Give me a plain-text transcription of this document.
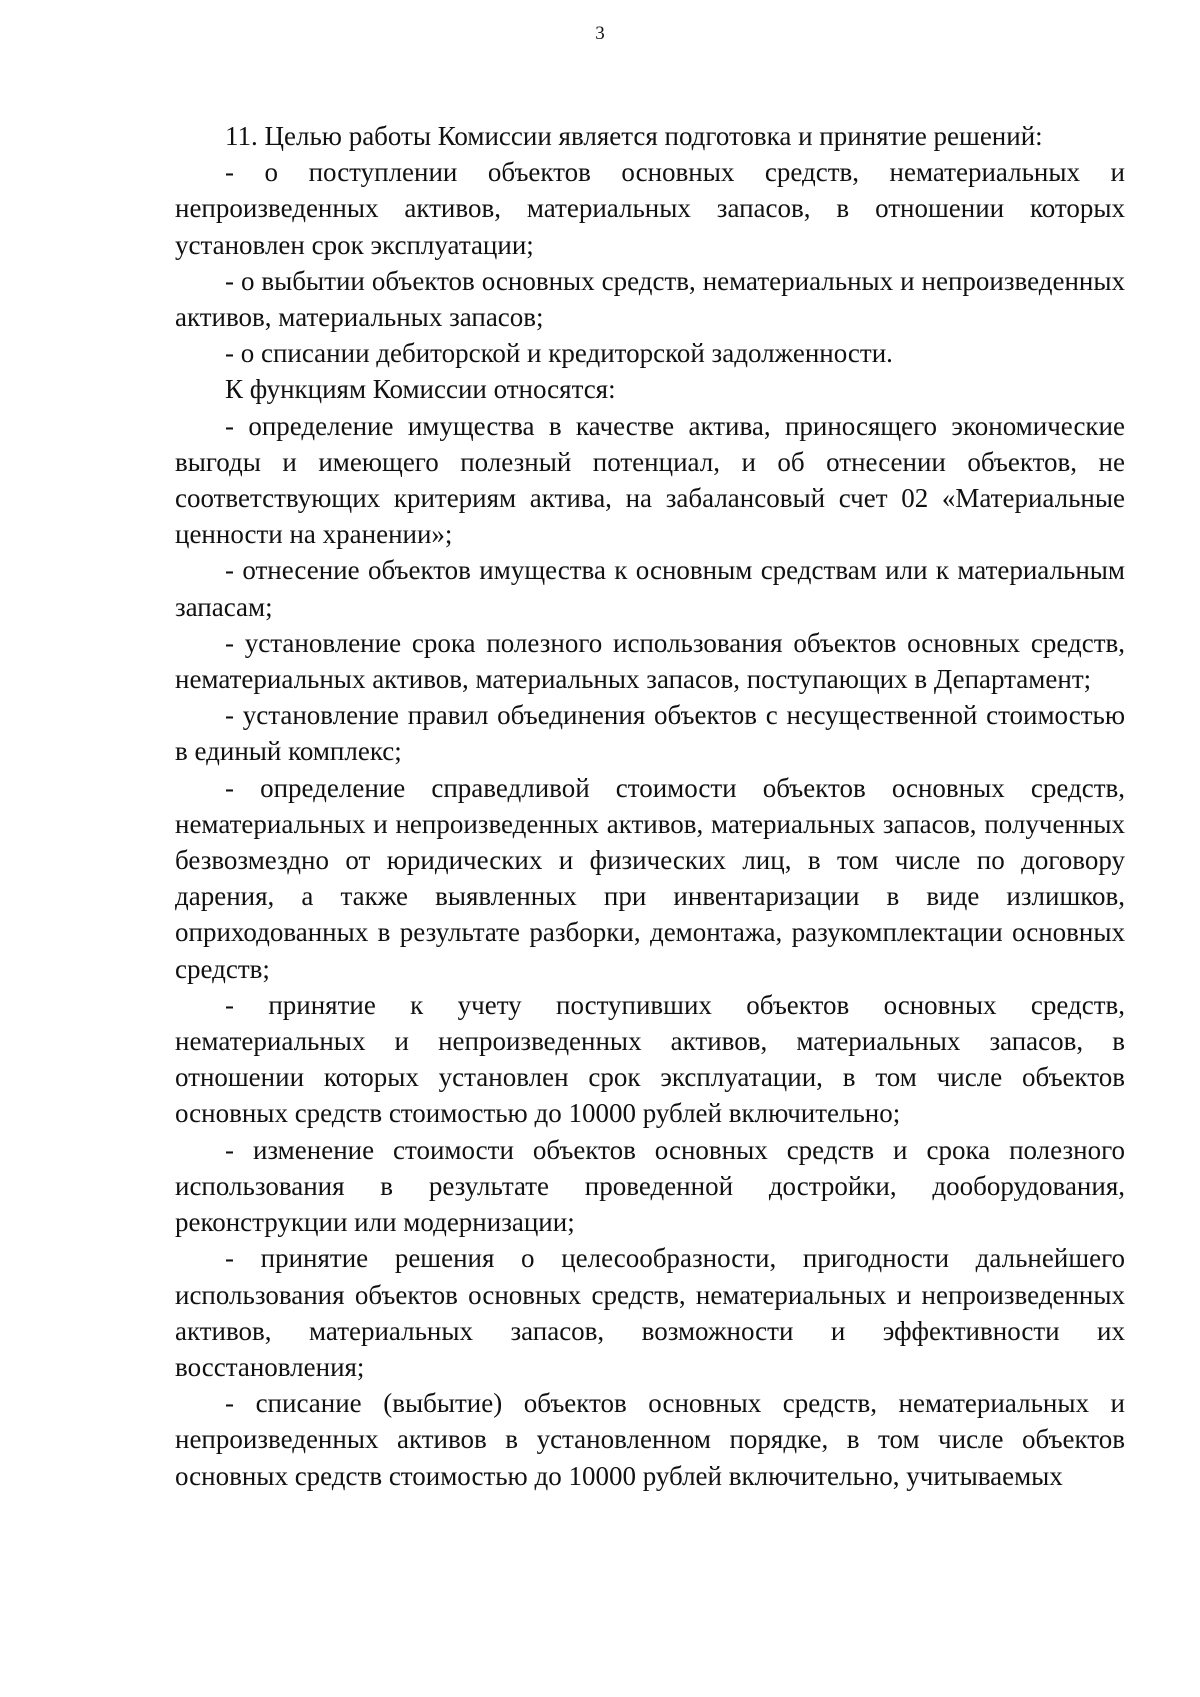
3

11. Целью работы Комиссии является подготовка и принятие решений:

- о поступлении объектов основных средств, нематериальных и непроизведенных активов, материальных запасов, в отношении которых установлен срок эксплуатации;

- о выбытии объектов основных средств, нематериальных и непроизведенных активов, материальных запасов;

- о списании дебиторской и кредиторской задолженности.

К функциям Комиссии относятся:

- определение имущества в качестве актива, приносящего экономические выгоды и имеющего полезный потенциал, и об отнесении объектов, не соответствующих критериям актива, на забалансовый счет 02 «Материальные ценности на хранении»;

- отнесение объектов имущества к основным средствам или к материальным запасам;

- установление срока полезного использования объектов основных средств, нематериальных активов, материальных запасов, поступающих в Департамент;

- установление правил объединения объектов с несущественной стоимостью в единый комплекс;

- определение справедливой стоимости объектов основных средств, нематериальных и непроизведенных активов, материальных запасов, полученных безвозмездно от юридических и физических лиц, в том числе по договору дарения, а также выявленных при инвентаризации в виде излишков, оприходованных в результате разборки, демонтажа, разукомплектации основных средств;

- принятие к учету поступивших объектов основных средств, нематериальных и непроизведенных активов, материальных запасов, в отношении которых установлен срок эксплуатации, в том числе объектов основных средств стоимостью до 10000 рублей включительно;

- изменение стоимости объектов основных средств и срока полезного использования в результате проведенной достройки, дооборудования, реконструкции или модернизации;

- принятие решения о целесообразности, пригодности дальнейшего использования объектов основных средств, нематериальных и непроизведенных активов, материальных запасов, возможности и эффективности их восстановления;

- списание (выбытие) объектов основных средств, нематериальных и непроизведенных активов в установленном порядке, в том числе объектов основных средств стоимостью до 10000 рублей включительно, учитываемых
